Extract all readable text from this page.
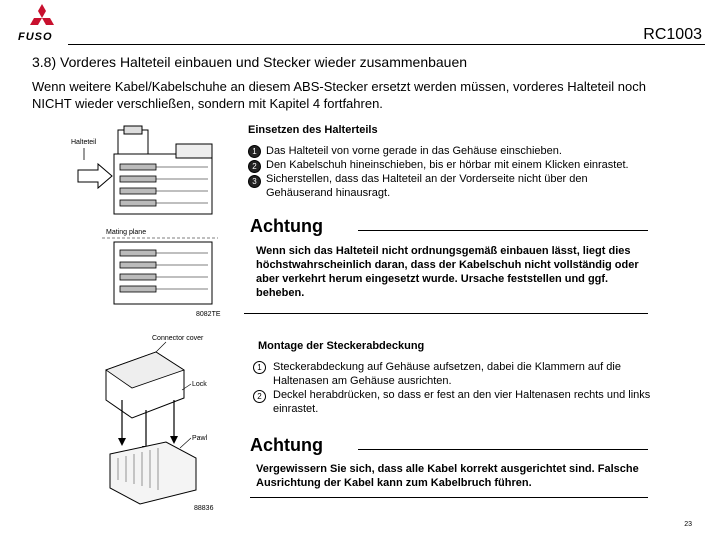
FUSO	RC1003
3.8) Vorderes Halteteil einbauen und Stecker wieder zusammenbauen
Wenn weitere Kabel/Kabelschuhe an diesem ABS-Stecker ersetzt werden müssen, vorderes Halteteil noch NICHT wieder verschließen, sondern mit Kapitel 4 fortfahren.
Halteteil
Mating plane
8082TE
Connector cover
Lock
Pawl
88836
Einsetzen des Halterteils
1
2
3
Das Halteteil von vorne gerade in das Gehäuse einschieben.
Den Kabelschuh hineinschieben, bis er hörbar mit einem Klicken einrastet.
Sicherstellen, dass das Halteteil an der Vorderseite nicht über den Gehäuserand hinausragt.
Achtung
Wenn sich das Halteteil nicht ordnungsgemäß einbauen lässt, liegt dies höchstwahrscheinlich daran, dass der Kabelschuh nicht vollständig oder aber verkehrt herum eingesetzt wurde. Ursache feststellen und ggf. beheben.
Montage der Steckerabdeckung
1
2
Steckerabdeckung auf Gehäuse aufsetzen, dabei die Klammern auf die Haltenasen am Gehäuse ausrichten.
Deckel herabdrücken, so dass er fest an den vier Haltenasen rechts und links einrastet.
Achtung
Vergewissern Sie sich, dass alle Kabel korrekt ausgerichtet sind. Falsche Ausrichtung der Kabel kann zum Kabelbruch führen.
23
